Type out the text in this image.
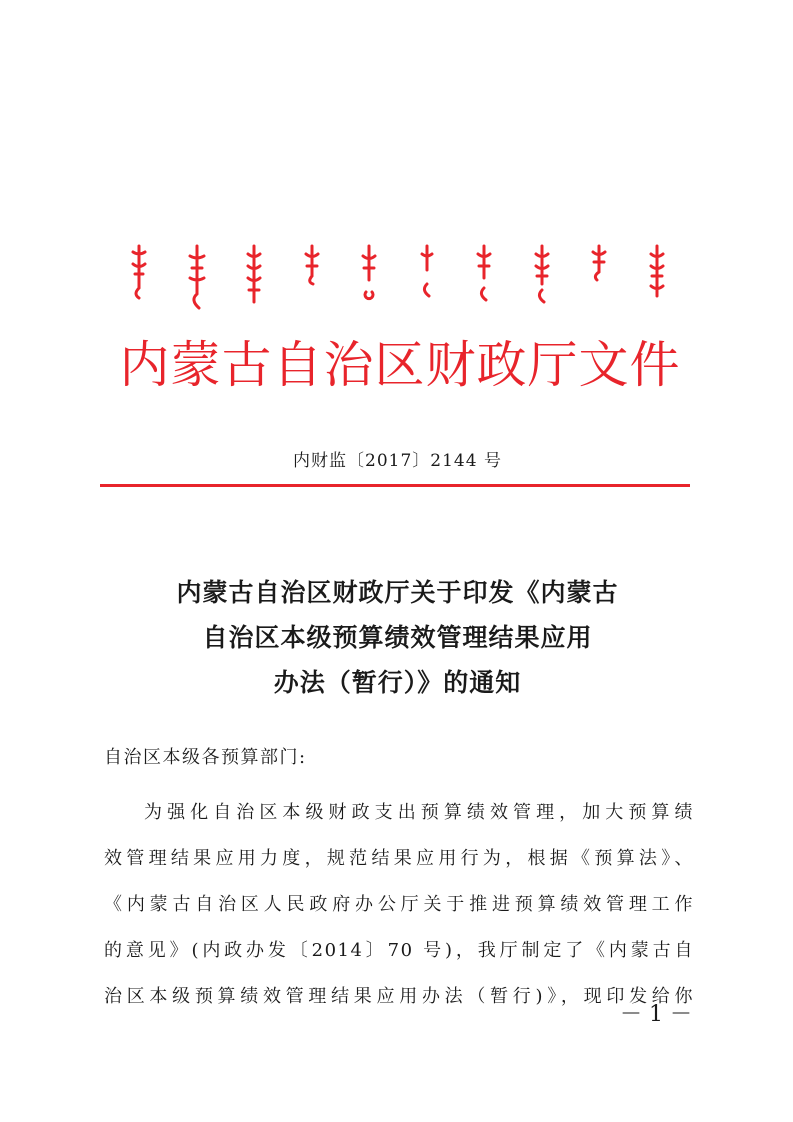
内蒙古自治区财政厅文件
内财监〔2017〕2144 号
内蒙古自治区财政厅关于印发《内蒙古
自治区本级预算绩效管理结果应用
办法（暂行）》的通知
自治区本级各预算部门:
为强化自治区本级财政支出预算绩效管理，加大预算绩
效管理结果应用力度，规范结果应用行为，根据《预算法》、
《内蒙古自治区人民政府办公厅关于推进预算绩效管理工作
的意见》(内政办发〔2014〕70 号)，我厅制定了《内蒙古自
治区本级预算绩效管理结果应用办法（暂行)》，现印发给你
－ 1 －
